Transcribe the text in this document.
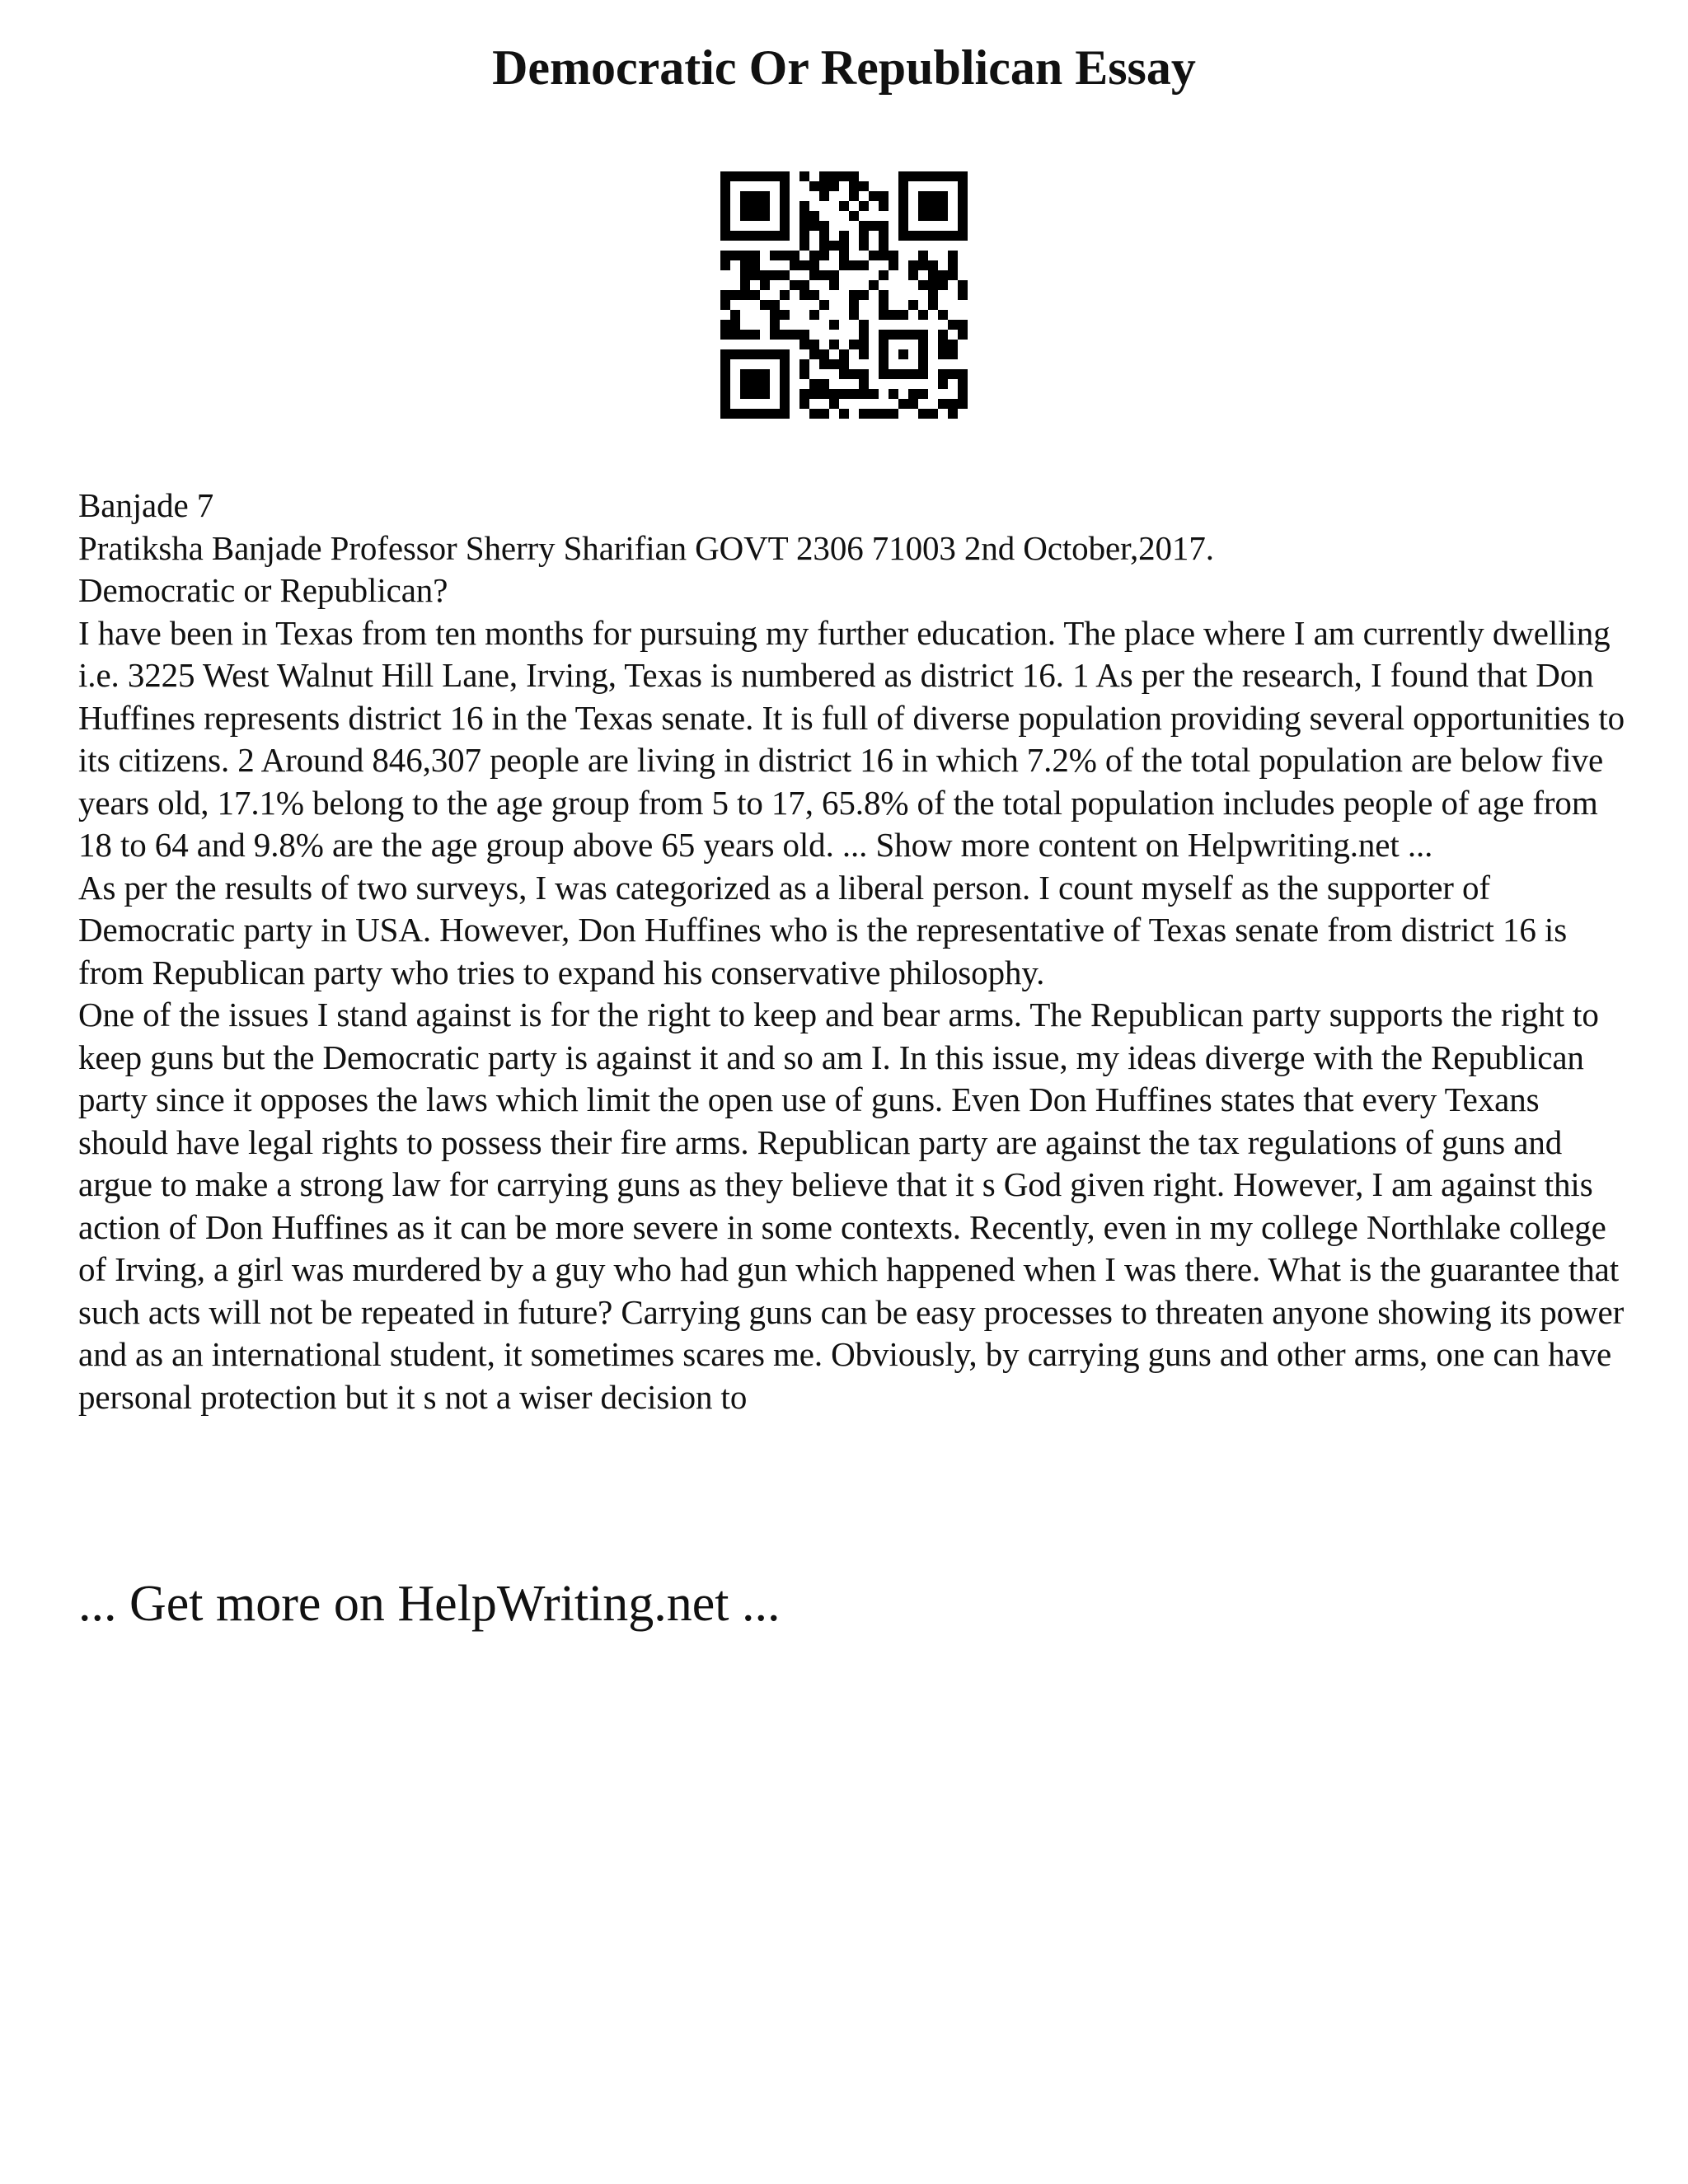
Democratic Or Republican Essay

Banjade 7

Pratiksha Banjade Professor Sherry Sharifian GOVT 2306 71003 2nd October,2017.

Democratic or Republican?

I have been in Texas from ten months for pursuing my further education. The place where I am currently dwelling i.e. 3225 West Walnut Hill Lane, Irving, Texas is numbered as district 16. 1 As per the research, I found that Don Huffines represents district 16 in the Texas senate. It is full of diverse population providing several opportunities to its citizens. 2 Around 846,307 people are living in district 16 in which 7.2% of the total population are below five years old, 17.1% belong to the age group from 5 to 17, 65.8% of the total population includes people of age from 18 to 64 and 9.8% are the age group above 65 years old. ... Show more content on Helpwriting.net ...

As per the results of two surveys, I was categorized as a liberal person. I count myself as the supporter of Democratic party in USA. However, Don Huffines who is the representative of Texas senate from district 16 is from Republican party who tries to expand his conservative philosophy.

One of the issues I stand against is for the right to keep and bear arms. The Republican party supports the right to keep guns but the Democratic party is against it and so am I. In this issue, my ideas diverge with the Republican party since it opposes the laws which limit the open use of guns. Even Don Huffines states that every Texans should have legal rights to possess their fire arms. Republican party are against the tax regulations of guns and argue to make a strong law for carrying guns as they believe that it s God given right. However, I am against this action of Don Huffines as it can be more severe in some contexts. Recently, even in my college Northlake college of Irving, a girl was murdered by a guy who had gun which happened when I was there. What is the guarantee that such acts will not be repeated in future? Carrying guns can be easy processes to threaten anyone showing its power and as an international student, it sometimes scares me. Obviously, by carrying guns and other arms, one can have personal protection but it s not a wiser decision to

... Get more on HelpWriting.net ...
